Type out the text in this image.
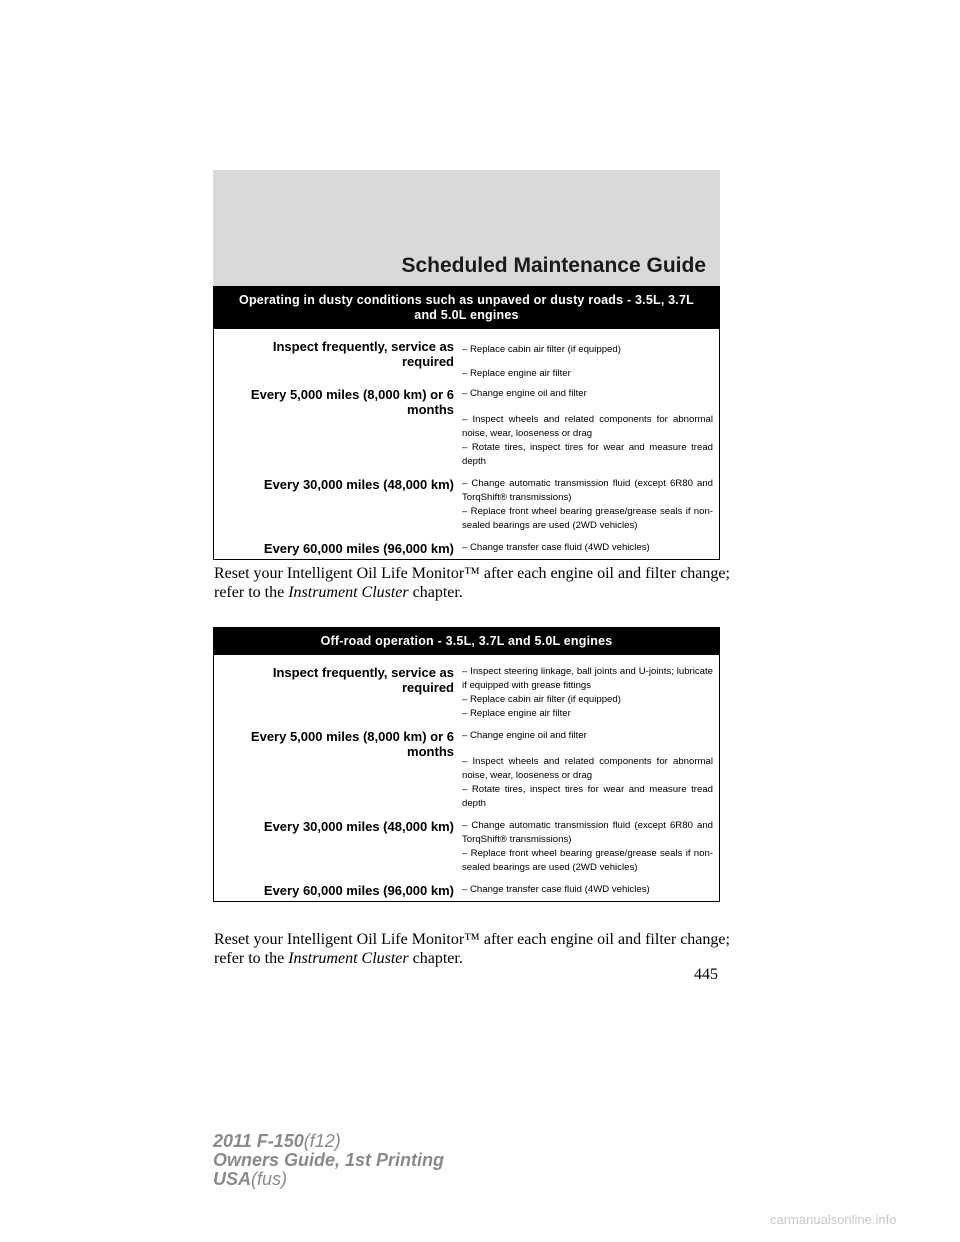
Scheduled Maintenance Guide
Operating in dusty conditions such as unpaved or dusty roads - 3.5L, 3.7L and 5.0L engines
Inspect frequently, service as required
– Replace cabin air filter (if equipped)
– Replace engine air filter
Every 5,000 miles (8,000 km) or 6 months
– Change engine oil and filter
– Inspect wheels and related components for abnormal noise, wear, looseness or drag
– Rotate tires, inspect tires for wear and measure tread depth
Every 30,000 miles (48,000 km) – Change automatic transmission fluid (except 6R80 and TorqShift® transmissions)
– Replace front wheel bearing grease/grease seals if non-sealed bearings are used (2WD vehicles)
Every 60,000 miles (96,000 km) – Change transfer case fluid (4WD vehicles)
Reset your Intelligent Oil Life Monitor™ after each engine oil and filter change; refer to the Instrument Cluster chapter.
Off-road operation - 3.5L, 3.7L and 5.0L engines
Inspect frequently, service as required
– Inspect steering linkage, ball joints and U-joints; lubricate if equipped with grease fittings
– Replace cabin air filter (if equipped)
– Replace engine air filter
Every 5,000 miles (8,000 km) or 6 months
– Change engine oil and filter
– Inspect wheels and related components for abnormal noise, wear, looseness or drag
– Rotate tires, inspect tires for wear and measure tread depth
Every 30,000 miles (48,000 km) – Change automatic transmission fluid (except 6R80 and TorqShift® transmissions)
– Replace front wheel bearing grease/grease seals if non-sealed bearings are used (2WD vehicles)
Every 60,000 miles (96,000 km) – Change transfer case fluid (4WD vehicles)
Reset your Intelligent Oil Life Monitor™ after each engine oil and filter change; refer to the Instrument Cluster chapter.
445
2011 F-150(f12)
Owners Guide, 1st Printing
USA(fus)
carmanualsonline.info
